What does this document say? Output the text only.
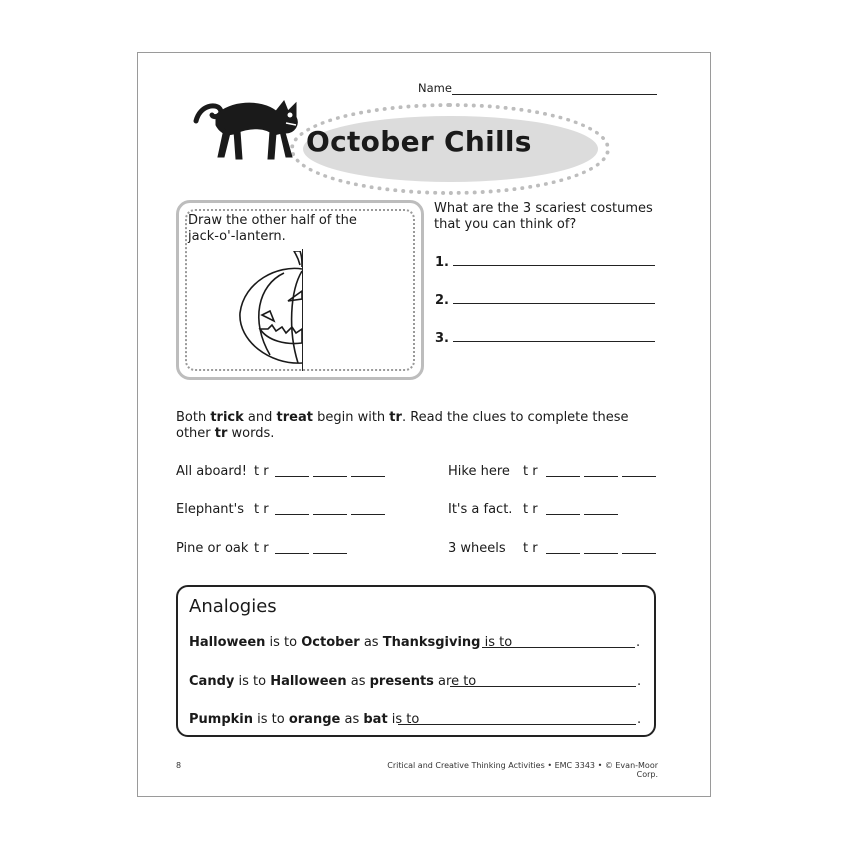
Name
October Chills
Draw the other half of the jack-o'-lantern.
What are the 3 scariest costumes that you can think of?
1.
2.
3.
Both trick and treat begin with tr. Read the clues to complete these other tr words.
All aboard! t r	Hike here t r
Elephant's t r	It's a fact. t r
Pine or oak t r	3 wheels t r
Analogies
Halloween is to October as Thanksgiving is to	.
Candy is to Halloween as presents are to	.
Pumpkin is to orange as bat is to	.
8	Critical and Creative Thinking Activities • EMC 3343 • © Evan-Moor Corp.
